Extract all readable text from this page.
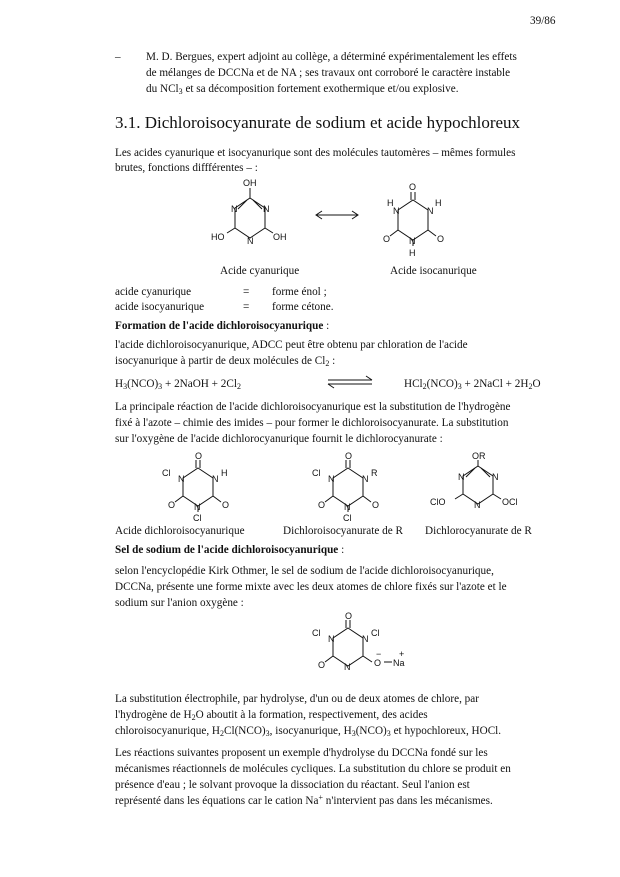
39/86
– M. D. Bergues, expert adjoint au collège, a déterminé expérimentalement les effets
de mélanges de DCCNa et de NA ; ses travaux ont corroboré le caractère instable
du NCl$_3$ et sa décomposition fortement exothermique et/ou explosive.
3.1. Dichloroisocyanurate de sodium et acide hypochloreux
Les acides cyanurique et isocyanurique sont des molécules tautomères – mêmes formules
brutes, fonctions diffférentes – :
OH
N	N
N
HO	OH
O
H
N	N
H
O	O
N
H
Acide cyanurique	Acide isocanurique
acide cyanurique	= forme énol ;
acide isocyanurique	= forme cétone.
Formation de l'acide dichloroisocyanurique :
l'acide dichloroisocyanurique, ADCC peut être obtenu par chloration de l'acide
isocyanurique à partir de deux molécules de $Cl_2$ :
$H_3(NCO)_3$ + 2NaOH + $2Cl_2$	$HCl_2(NCO)_3$ + 2NaCl + $2H_2O$
La principale réaction de l'acide dichloroisocyanurique est la substitution de l'hydrogène
fixé à l'azote – chimie des imides – pour former le dichloroisocyanurate. La substitution
sur l'oxygène de l'acide dichlorocyanurique fournit le dichlorocyanurate :
O
Cl
N	N
H
O	O
N
Cl
O
Cl
N	N
R
O	O
N
Cl
OR
N	N
ClO	N OCl
Acide dichloroisocyanurique	Dichloroisocyanurate de R Dichlorocyanurate de R
Sel de sodium de l'acide dichloroisocyanurique :
selon l'encyclopédie Kirk Othmer, le sel de sodium de l'acide dichloroisocyanurique,
DCCNa, présente une forme mixte avec les deux atomes de chlore fixés sur l'azote et le
sodium sur l'anion oxygène :
O
Cl
N	N
Cl
O N	O
−
Na
+
La substitution électrophile, par hydrolyse, d'un ou de deux atomes de chlore, par
l'hydrogène de $H_2O$ aboutit à la formation, respectivement, des acides
chloroisocyanurique, $H_2Cl(NCO)_3$, isocyanurique, $H_3(NCO)_3$ et hypochloreux, HOCl.
Les réactions suivantes proposent un exemple d'hydrolyse du DCCNa fondé sur les
mécanismes réactionnels de molécules cycliques. La substitution du chlore se produit en
présence d'eau ; le solvant provoque la dissociation du réactant. Seul l'anion est
représenté dans les équations car le cation Na+ n'intervient pas dans les mécanismes.
